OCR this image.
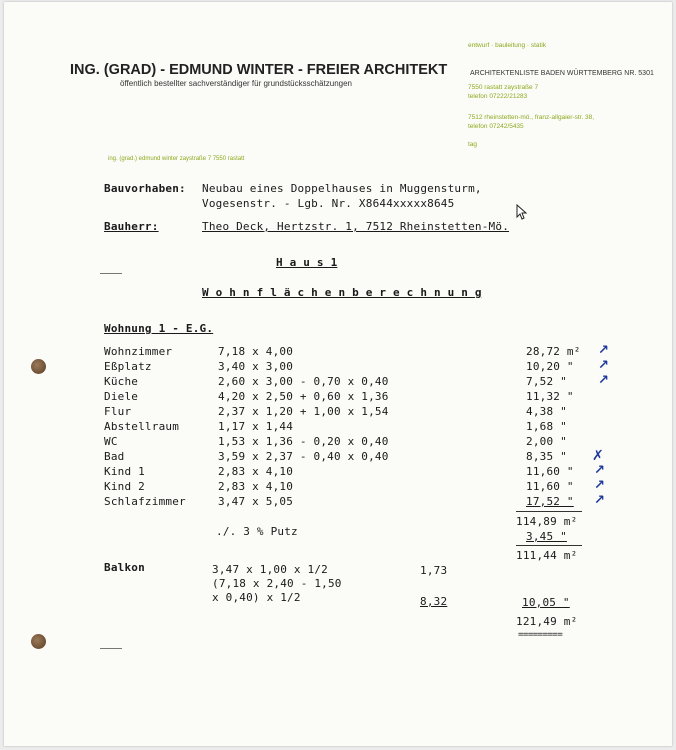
ING. (GRAD) - EDMUND WINTER - FREIER ARCHITEKT
öffentlich bestellter sachverständiger für grundstücksschätzungen
entwurf · bauleitung · statik
ARCHITEKTENLISTE BADEN WÜRTTEMBERG NR. 5301
7550 rastatt zaystraße 7
telefon 07222/21283
7512 rheinstetten-mö., franz-allgaier-str. 38,
telefon 07242/5435
tag
ing. (grad.) edmund winter zaystraße 7 7550 rastatt
Bauvorhaben: Neubau eines Doppelhauses in Muggensturm,
Vogesenstr. - Lgb. Nr. X8644xxxxx8645
Bauherr:	Theo Deck, Hertzstr. 1, 7512 Rheinstetten-Mö.
H a u s 1
W o h n f l ä c h e n b e r e c h n u n g
Wohnung 1 - E.G.
Wohnzimmer	7,18 x 4,00	28,72 m²
Eßplatz	3,40 x 3,00	10,20 "
Küche	2,60 x 3,00 - 0,70 x 0,40	7,52 "
Diele	4,20 x 2,50 + 0,60 x 1,36	11,32 "
Flur	2,37 x 1,20 + 1,00 x 1,54	4,38 "
Abstellraum	1,17 x 1,44	1,68 "
WC	1,53 x 1,36 - 0,20 x 0,40	2,00 "
Bad	3,59 x 2,37 - 0,40 x 0,40	8,35 "
Kind 1	2,83 x 4,10	11,60 "
Kind 2	2,83 x 4,10	11,60 "
Schlafzimmer	3,47 x 5,05	17,52 "
↗
↗
↗
✗
↗
↗
↗
114,89 m²
./. 3 % Putz	3,45 "
111,44 m²
Balkon	3,47 x 1,00 x 1/2	1,73
(7,18 x 2,40 - 1,50
x 0,40) x 1/2	8,32	10,05 "
121,49 m²
=========
